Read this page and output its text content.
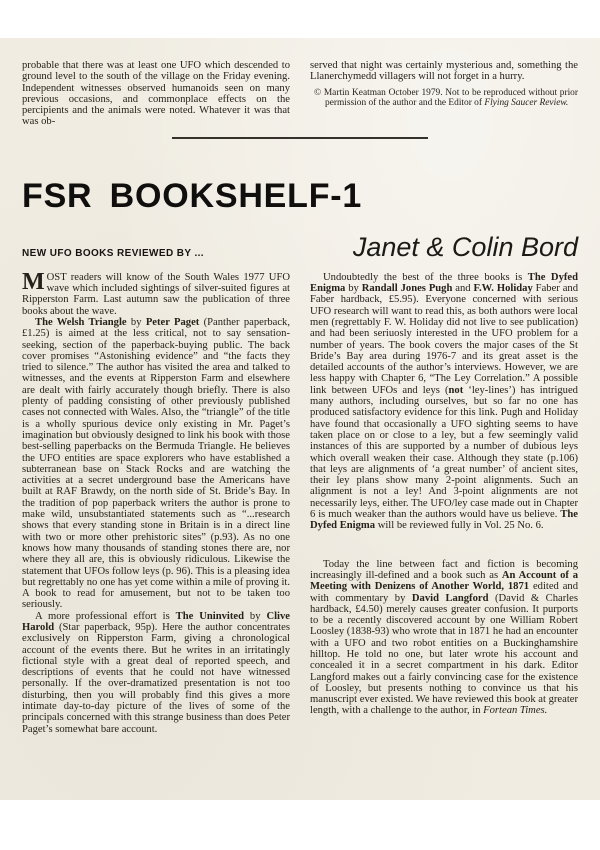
probable that there was at least one UFO which descended to ground level to the south of the village on the Friday evening. Independent witnesses observed humanoids seen on many previous occasions, and commonplace effects on the percipients and the animals were noted. Whatever it was that was ob-

served that night was certainly mysterious and, something the Llanerchymedd villagers will not forget in a hurry.

© Martin Keatman October 1979. Not to be reproduced without prior permission of the author and the Editor of Flying Saucer Review.

FSR BOOKSHELF-1
NEW UFO BOOKS REVIEWED BY ...	Janet & Colin Bord

MOST readers will know of the South Wales 1977 UFO wave which included sightings of silver-suited figures at Ripperston Farm. Last autumn saw the publication of three books about the wave.

The Welsh Triangle by Peter Paget (Panther paperback, £1.25) is aimed at the less critical, not to say sensation-seeking, section of the paperback-buying public. The back cover promises “Astonishing evidence” and “the facts they tried to silence.” The author has visited the area and talked to witnesses, and the events at Ripperston Farm and elsewhere are dealt with fairly accurately though briefly. There is also plenty of padding consisting of other previously published cases not connected with Wales. Also, the “triangle” of the title is a wholly spurious device only existing in Mr. Paget’s imagination but obviously designed to link his book with those best-selling paperbacks on the Bermuda Triangle. He believes the UFO entities are space explorers who have established a subterranean base on Stack Rocks and are watching the activities at a secret underground base the Americans have built at RAF Brawdy, on the north side of St. Bride’s Bay. In the tradition of pop paperback writers the author is prone to make wild, unsubstantiated statements such as “...research shows that every standing stone in Britain is in a direct line with two or more other prehistoric sites” (p.93). As no one knows how many thousands of standing stones there are, nor where they all are, this is obviously ridiculous. Likewise the statement that UFOs follow leys (p. 96). This is a pleasing idea but regrettably no one has yet come within a mile of proving it. A book to read for amusement, but not to be taken too seriously.

A more professional effort is The Uninvited by Clive Harold (Star paperback, 95p). Here the author concentrates exclusively on Ripperston Farm, giving a chronological account of the events there. But he writes in an irritatingly fictional style with a great deal of reported speech, and descriptions of events that he could not have witnessed personally. If the over-dramatized presentation is not too disturbing, then you will probably find this gives a more intimate day-to-day picture of the lives of some of the principals concerned with this strange business than does Peter Paget’s somewhat bare account.

Undoubtedly the best of the three books is The Dyfed Enigma by Randall Jones Pugh and F.W. Holiday Faber and Faber hardback, £5.95). Everyone concerned with serious UFO research will want to read this, as both authors were local men (regrettably F. W. Holiday did not live to see publication) and had been seriuosly interested in the UFO problem for a number of years. The book covers the major cases of the St Bride’s Bay area during 1976-7 and its great asset is the detailed accounts of the author’s interviews. However, we are less happy with Chapter 6, “The Ley Correlation.” A possible link between UFOs and leys (not ‘ley-lines’) has intrigued many authors, including ourselves, but so far no one has produced satisfactory evidence for this link. Pugh and Holiday have found that occasionally a UFO sighting seems to have taken place on or close to a ley, but a few seemingly valid instances of this are supported by a number of dubious leys which overall weaken their case. Although they state (p.106) that leys are alignments of ‘a great number’ of ancient sites, their ley plans show many 2-point alignments. Such an alignment is not a ley! And 3-point alignments are not necessarily leys, either. The UFO/ley case made out in Chapter 6 is much weaker than the authors would have us believe. The Dyfed Enigma will be reviewed fully in Vol. 25 No. 6.

Today the line between fact and fiction is becoming increasingly ill-defined and a book such as An Account of a Meeting with Denizens of Another World, 1871 edited and with commentary by David Langford (David & Charles hardback, £4.50) merely causes greater confusion. It purports to be a recently discovered account by one William Robert Loosley (1838-93) who wrote that in 1871 he had an encounter with a UFO and two robot entities on a Buckinghamshire hilltop. He told no one, but later wrote his account and concealed it in a secret compartment in his dark. Editor Langford makes out a fairly convincing case for the existence of Loosley, but presents nothing to convince us that his manuscript ever existed. We have reviewed this book at greater length, with a challenge to the author, in Fortean Times.
